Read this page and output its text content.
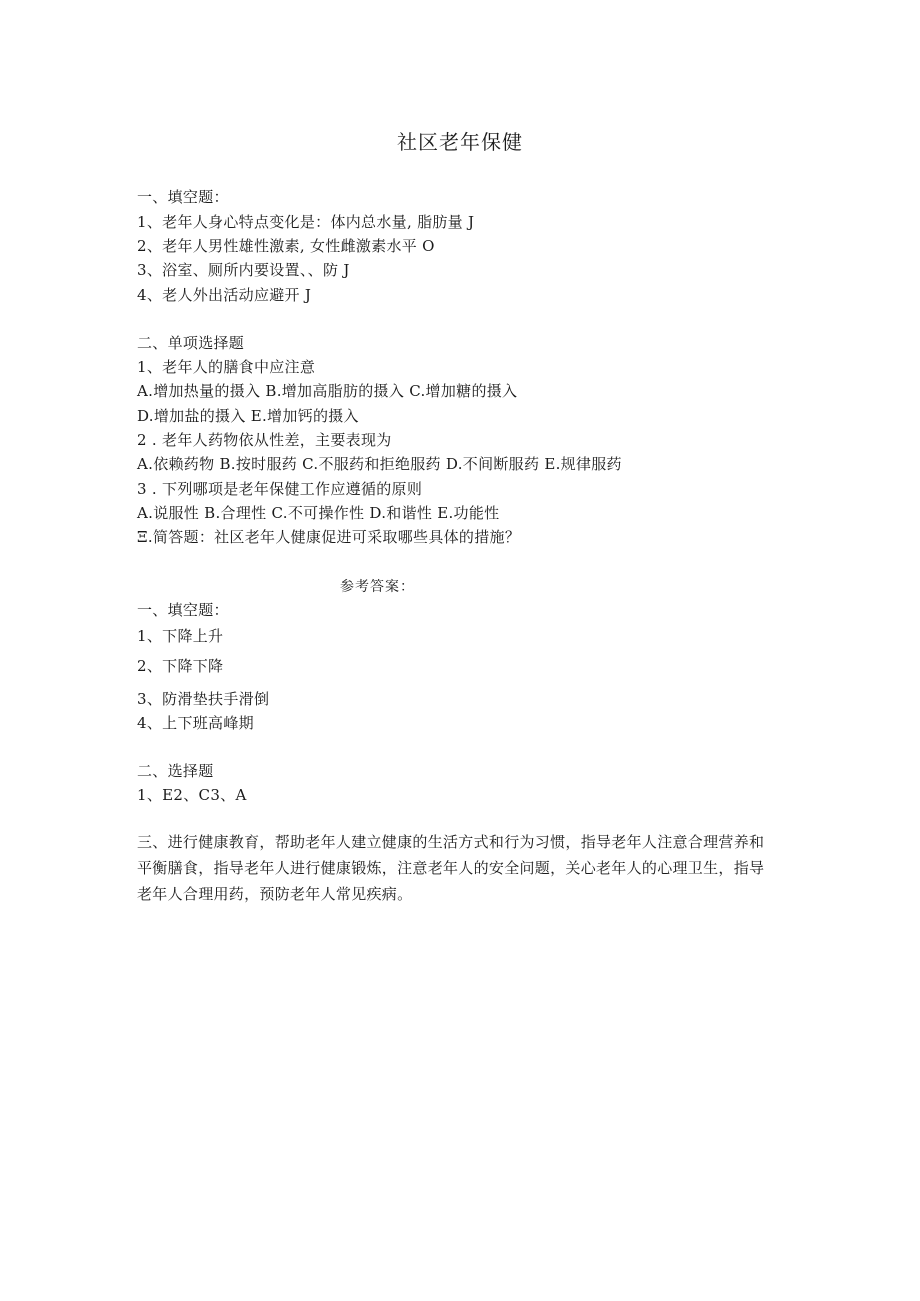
社区老年保健
一、填空题：
1、老年人身心特点变化是：体内总水量, 脂肪量 J
2、老年人男性雄性激素, 女性雌激素水平 O
3、浴室、厕所内要设置、、防 J
4、老人外出活动应避开 J
二、单项选择题
1、老年人的膳食中应注意
A.增加热量的摄入 B.增加高脂肪的摄入 C.增加糖的摄入
D.增加盐的摄入 E.增加钙的摄入
2 . 老年人药物依从性差，主要表现为
A.依赖药物 B.按时服药 C.不服药和拒绝服药 D.不间断服药 E.规律服药
3 . 下列哪项是老年保健工作应遵循的原则
A.说服性 B.合理性 C.不可操作性 D.和谐性 E.功能性
Ξ.简答题：社区老年人健康促进可采取哪些具体的措施？
参考答案：
一、填空题：
1、下降上升
2、下降下降
3、防滑垫扶手滑倒
4、上下班高峰期
二、选择题
1、E2、C3、A
三、进行健康教育，帮助老年人建立健康的生活方式和行为习惯，指导老年人注意合理营养和平衡膳食，指导老年人进行健康锻炼，注意老年人的安全问题，关心老年人的心理卫生，指导老年人合理用药，预防老年人常见疾病。
